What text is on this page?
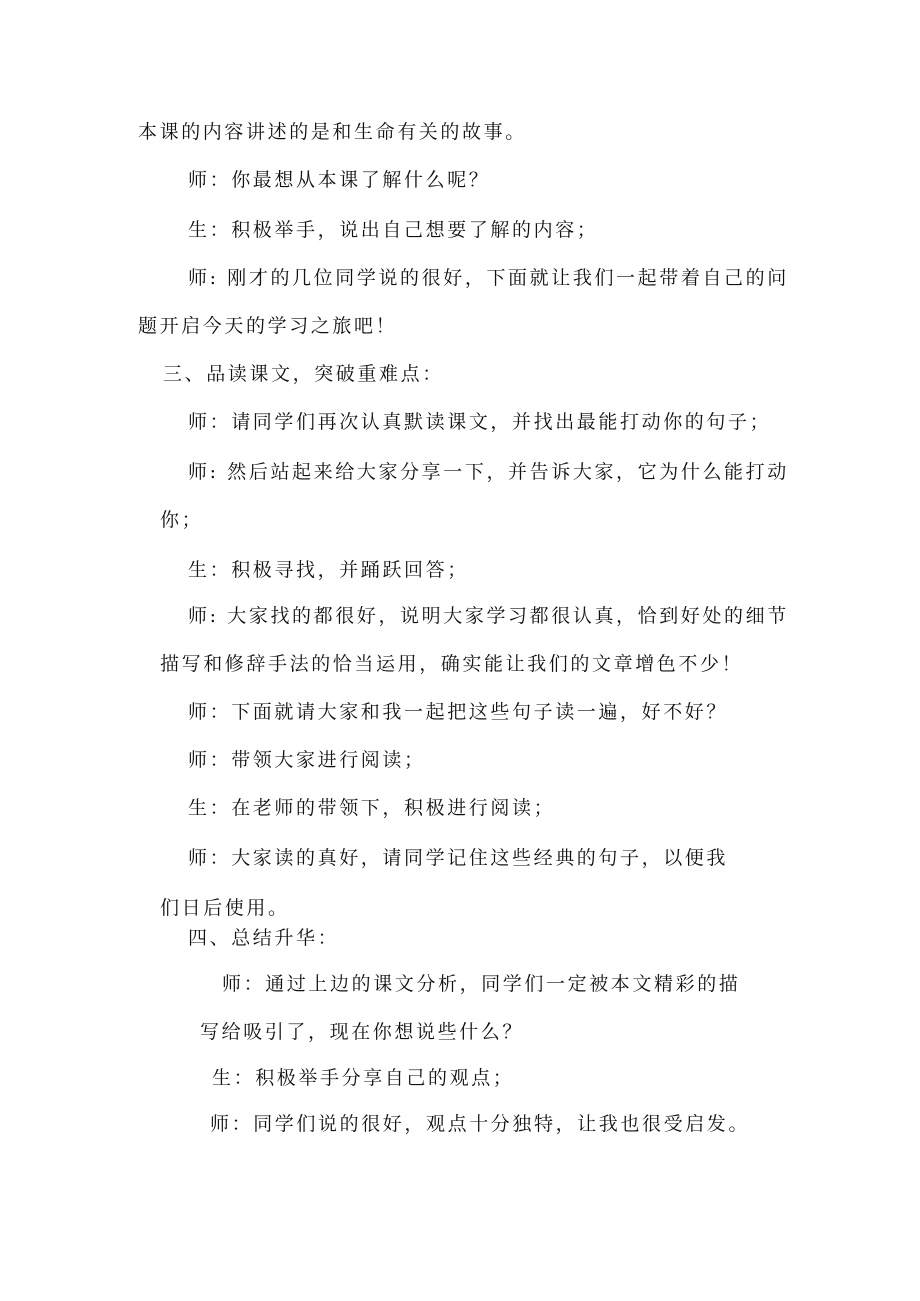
本课的内容讲述的是和生命有关的故事。
师：你最想从本课了解什么呢？
生：积极举手，说出自己想要了解的内容；
师: 刚才的几位同学说的很好，下面就让我们一起带着自己的问
题开启今天的学习之旅吧！
三、品读课文，突破重难点：
师：请同学们再次认真默读课文，并找出最能打动你的句子；
师: 然后站起来给大家分享一下，并告诉大家，它为什么能打动
你；
生：积极寻找，并踊跃回答；
师: 大家找的都很好，说明大家学习都很认真，恰到好处的细节
描写和修辞手法的恰当运用，确实能让我们的文章增色不少！
师：下面就请大家和我一起把这些句子读一遍，好不好？
师：带领大家进行阅读；
生：在老师的带领下，积极进行阅读；
师：大家读的真好，请同学记住这些经典的句子，以便我
们日后使用。
四、总结升华：
师：通过上边的课文分析，同学们一定被本文精彩的描
写给吸引了，现在你想说些什么？
生：积极举手分享自己的观点；
师：同学们说的很好，观点十分独特，让我也很受启发。
